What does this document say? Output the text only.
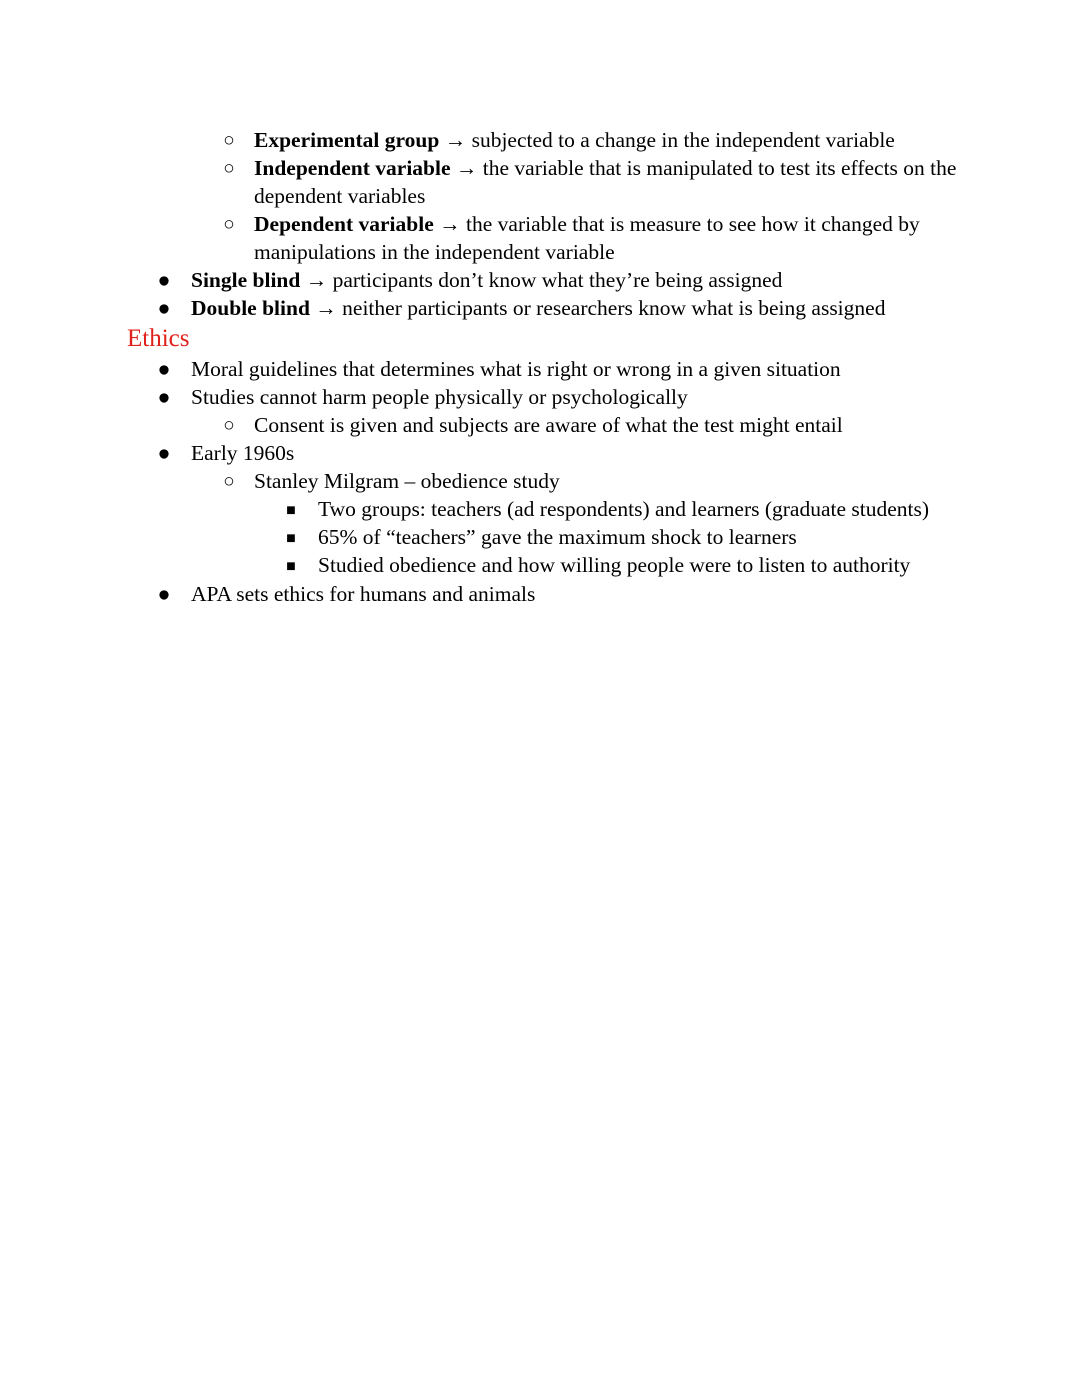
○ Experimental group → subjected to a change in the independent variable
○ Independent variable → the variable that is manipulated to test its effects on the
dependent variables
○ Dependent variable → the variable that is measure to see how it changed by
manipulations in the independent variable
● Single blind → participants don’t know what they’re being assigned
● Double blind → neither participants or researchers know what is being assigned
Ethics
● Moral guidelines that determines what is right or wrong in a given situation
● Studies cannot harm people physically or psychologically
○ Consent is given and subjects are aware of what the test might entail
● Early 1960s
○ Stanley Milgram – obedience study
■ Two groups: teachers (ad respondents) and learners (graduate students)
■ 65% of “teachers” gave the maximum shock to learners
■ Studied obedience and how willing people were to listen to authority
● APA sets ethics for humans and animals
